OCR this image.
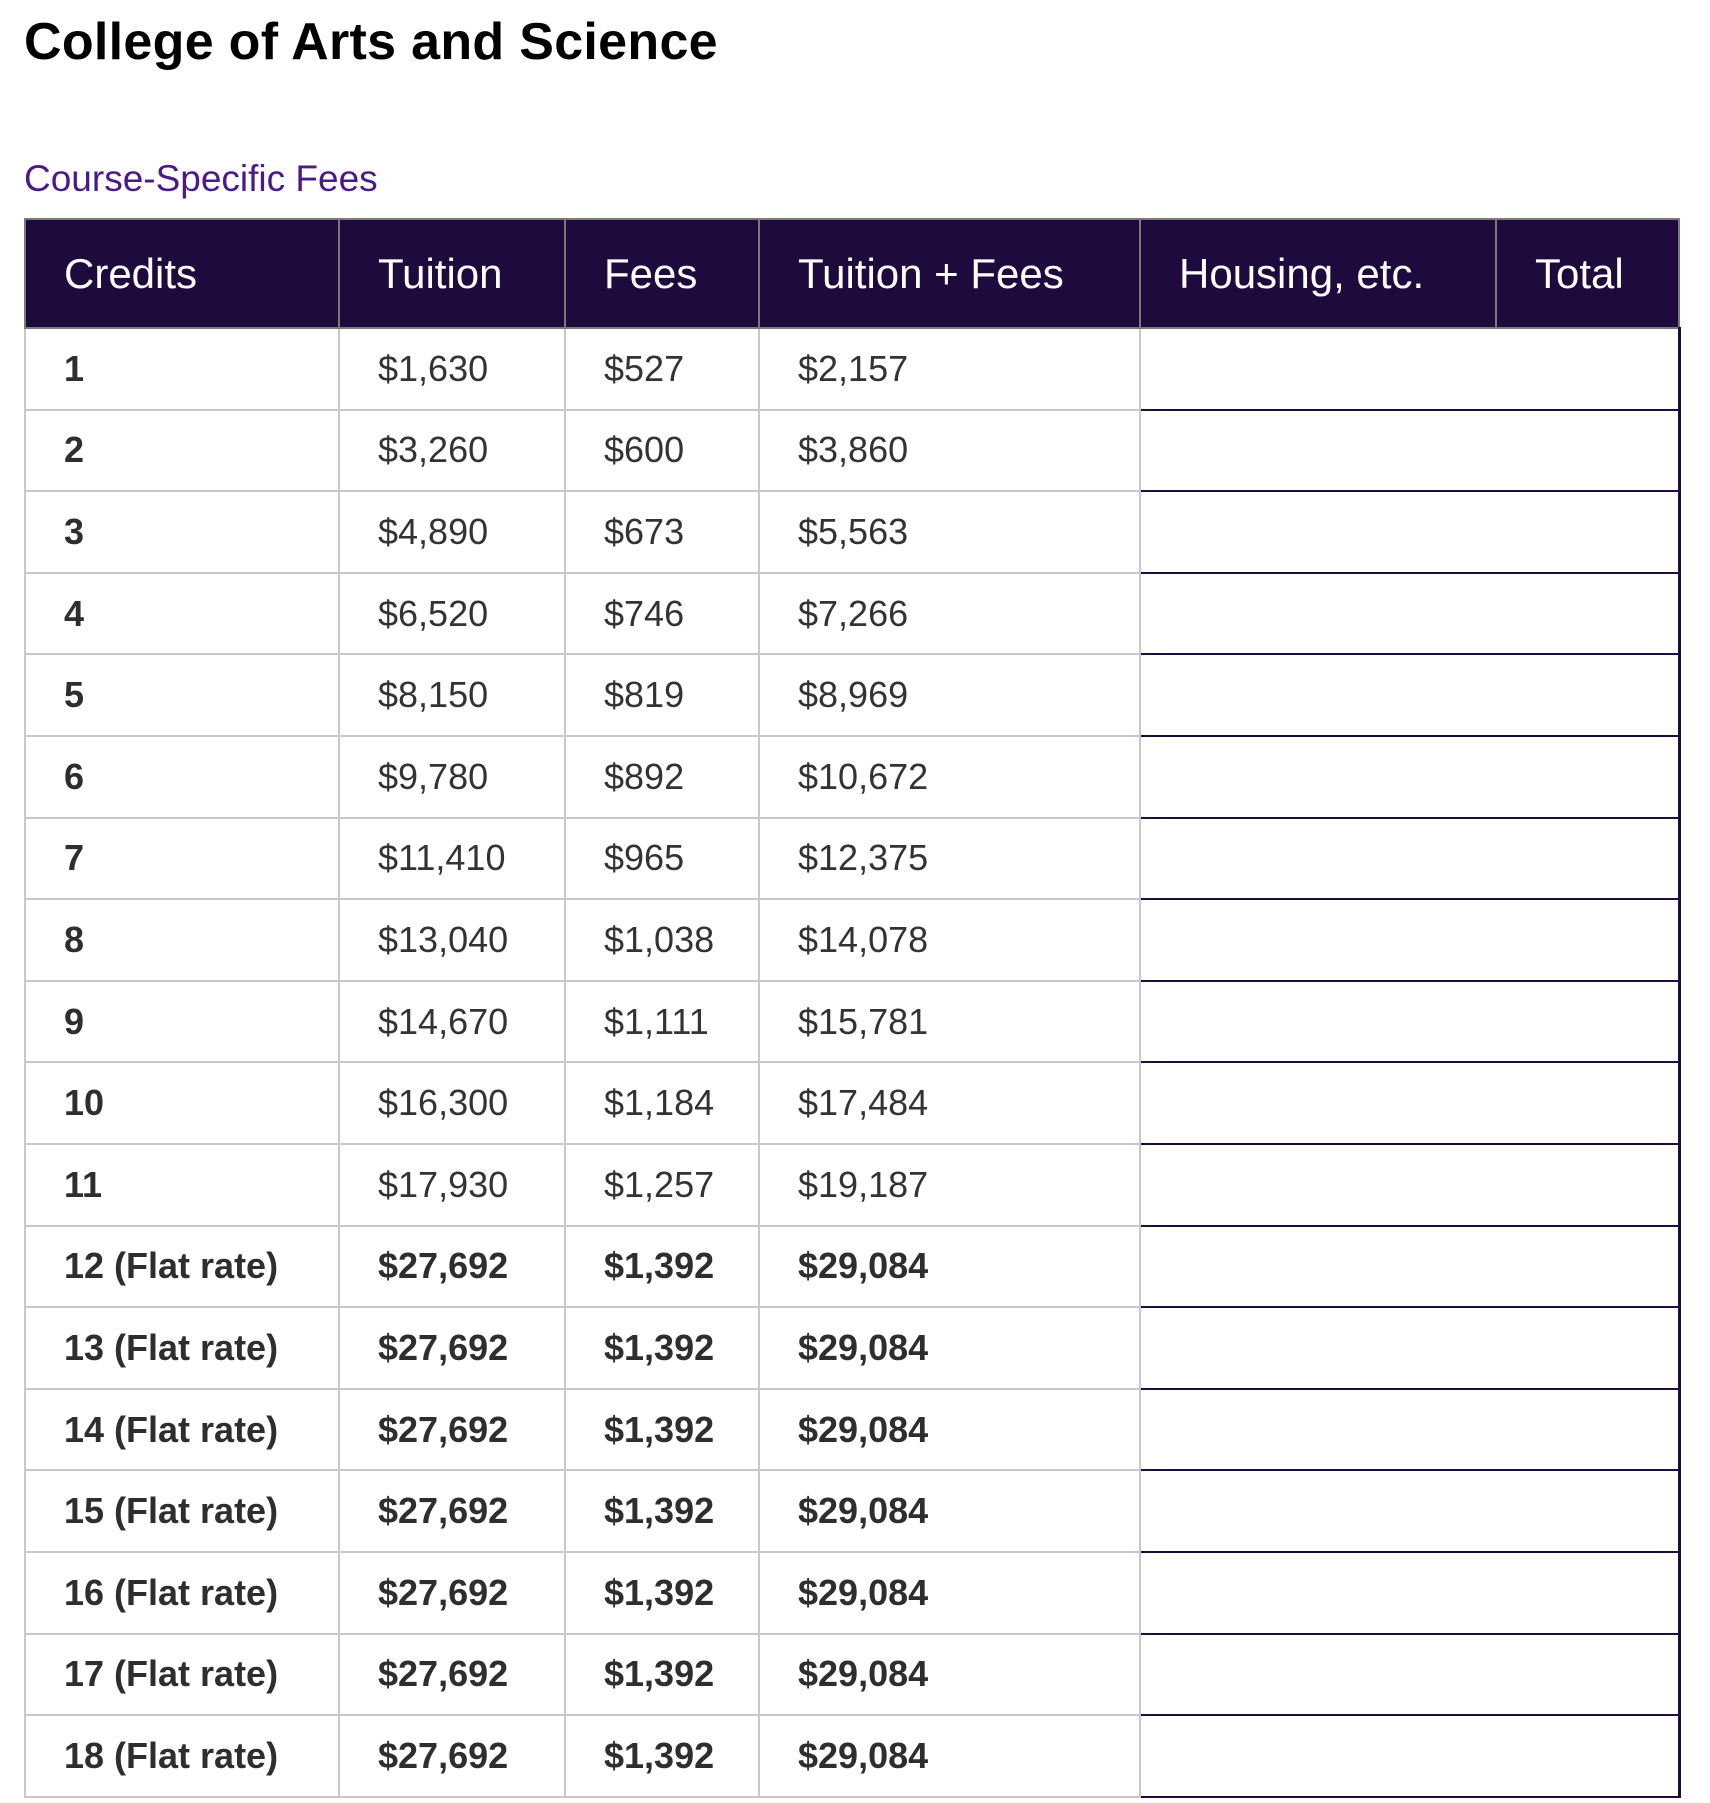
College of Arts and Science
Course-Specific Fees
Credits	Tuition	Fees	Tuition + Fees	Housing, etc.	Total
1	$1,630	$527	$2,157		
2	$3,260	$600	$3,860		
3	$4,890	$673	$5,563		
4	$6,520	$746	$7,266		
5	$8,150	$819	$8,969		
6	$9,780	$892	$10,672		
7	$11,410	$965	$12,375		
8	$13,040	$1,038	$14,078		
9	$14,670	$1,111	$15,781		
10	$16,300	$1,184	$17,484		
11	$17,930	$1,257	$19,187		
12 (Flat rate)	$27,692	$1,392	$29,084		
13 (Flat rate)	$27,692	$1,392	$29,084		
14 (Flat rate)	$27,692	$1,392	$29,084		
15 (Flat rate)	$27,692	$1,392	$29,084		
16 (Flat rate)	$27,692	$1,392	$29,084		
17 (Flat rate)	$27,692	$1,392	$29,084		
18 (Flat rate)	$27,692	$1,392	$29,084		
